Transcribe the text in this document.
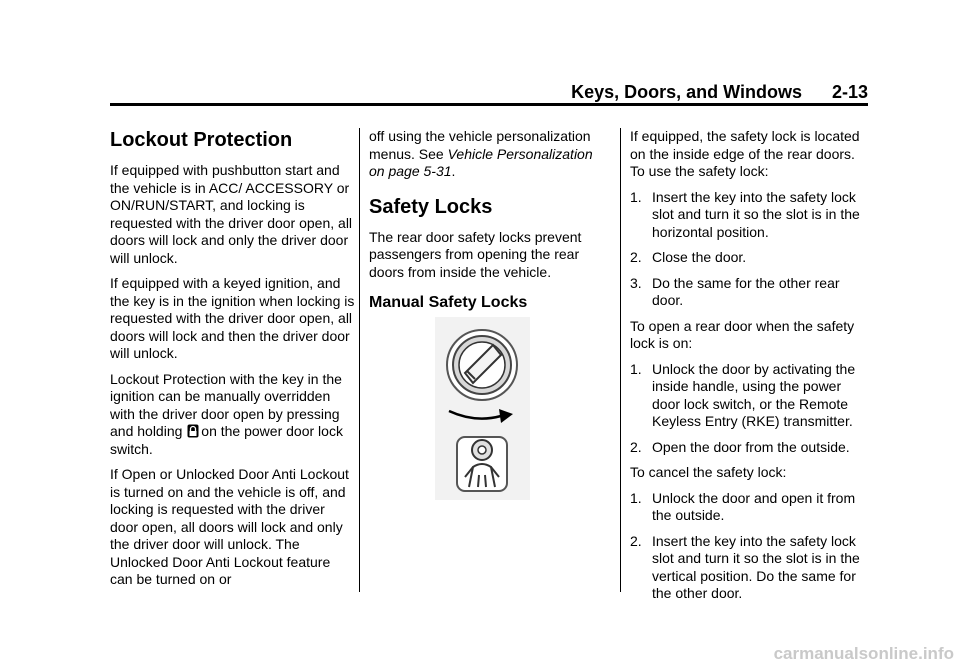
Keys, Doors, and Windows 2-13
Lockout Protection

If equipped with pushbutton start and the vehicle is in ACC/ ACCESSORY or ON/RUN/START, and locking is requested with the driver door open, all doors will lock and only the driver door will unlock.

If equipped with a keyed ignition, and the key is in the ignition when locking is requested with the driver door open, all doors will lock and then the driver door will unlock.

Lockout Protection with the key in the ignition can be manually overridden with the driver door open by pressing and holding on the power door lock switch.

If Open or Unlocked Door Anti Lockout is turned on and the vehicle is off, and locking is requested with the driver door open, all doors will lock and only the driver door will unlock. The Unlocked Door Anti Lockout feature can be turned on or

off using the vehicle personalization menus. See Vehicle Personalization on page 5-31.

Safety Locks

The rear door safety locks prevent passengers from opening the rear doors from inside the vehicle.

Manual Safety Locks

If equipped, the safety lock is located on the inside edge of the rear doors. To use the safety lock:

1. Insert the key into the safety lock slot and turn it so the slot is in the horizontal position.
2. Close the door.
3. Do the same for the other rear door.

To open a rear door when the safety lock is on:

1. Unlock the door by activating the inside handle, using the power door lock switch, or the Remote Keyless Entry (RKE) transmitter.
2. Open the door from the outside.

To cancel the safety lock:

1. Unlock the door and open it from the outside.
2. Insert the key into the safety lock slot and turn it so the slot is in the vertical position. Do the same for the other door.
carmanualsonline.info
